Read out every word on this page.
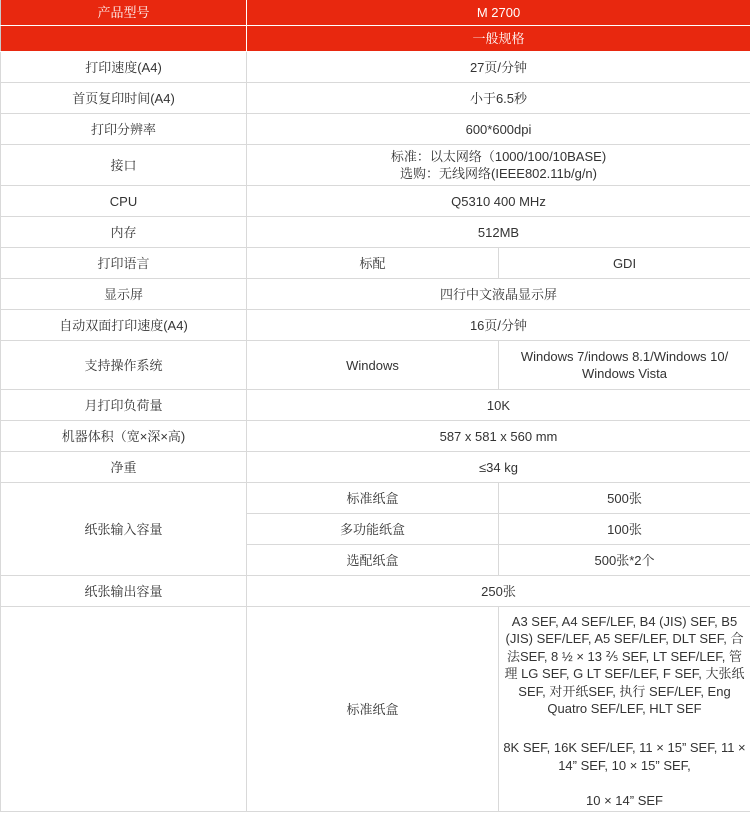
产品型号	M 2700	
	一般规格	
打印速度(A4)	27页/分钟	
首页复印时间(A4)	小于6.5秒	
打印分辨率	600*600dpi	
接口	标准：以太网络（1000/100/10BASE)
选购：无线网络(IEEE802.11b/g/n)	

CPU	Q5310 400 MHz	
内存	512MB	
打印语言	标配	GDI
显示屏	四行中文液晶显示屏	
自动双面打印速度(A4)	16页/分钟	
支持操作系统	Windows	Windows 7/indows 8.1/Windows 10/ Windows Vista
月打印负荷量	10K	
机器体积（宽×深×高)	587 x 581 x 560 mm	
净重	≤34 kg	
纸张输入容量	标准纸盒	500张
	多功能纸盒	100张
	选配纸盒	500张*2个
纸张输出容量	250张	
	标准纸盒	A3 SEF, A4 SEF/LEF, B4 (JIS) SEF, B5 (JIS) SEF/LEF, A5 SEF/LEF, DLT SEF, 合法SEF, 8 ½ × 13 ⅖ SEF, LT SEF/LEF, 管理 LG SEF, G LT SEF/LEF, F SEF, 大张纸SEF, 对开纸SEF, 执行 SEF/LEF, Eng Quatro SEF/LEF, HLT SEF
8K SEF, 16K SEF/LEF, 11 × 15” SEF, 11 × 14” SEF, 10 × 15” SEF,
10 × 14” SEF
